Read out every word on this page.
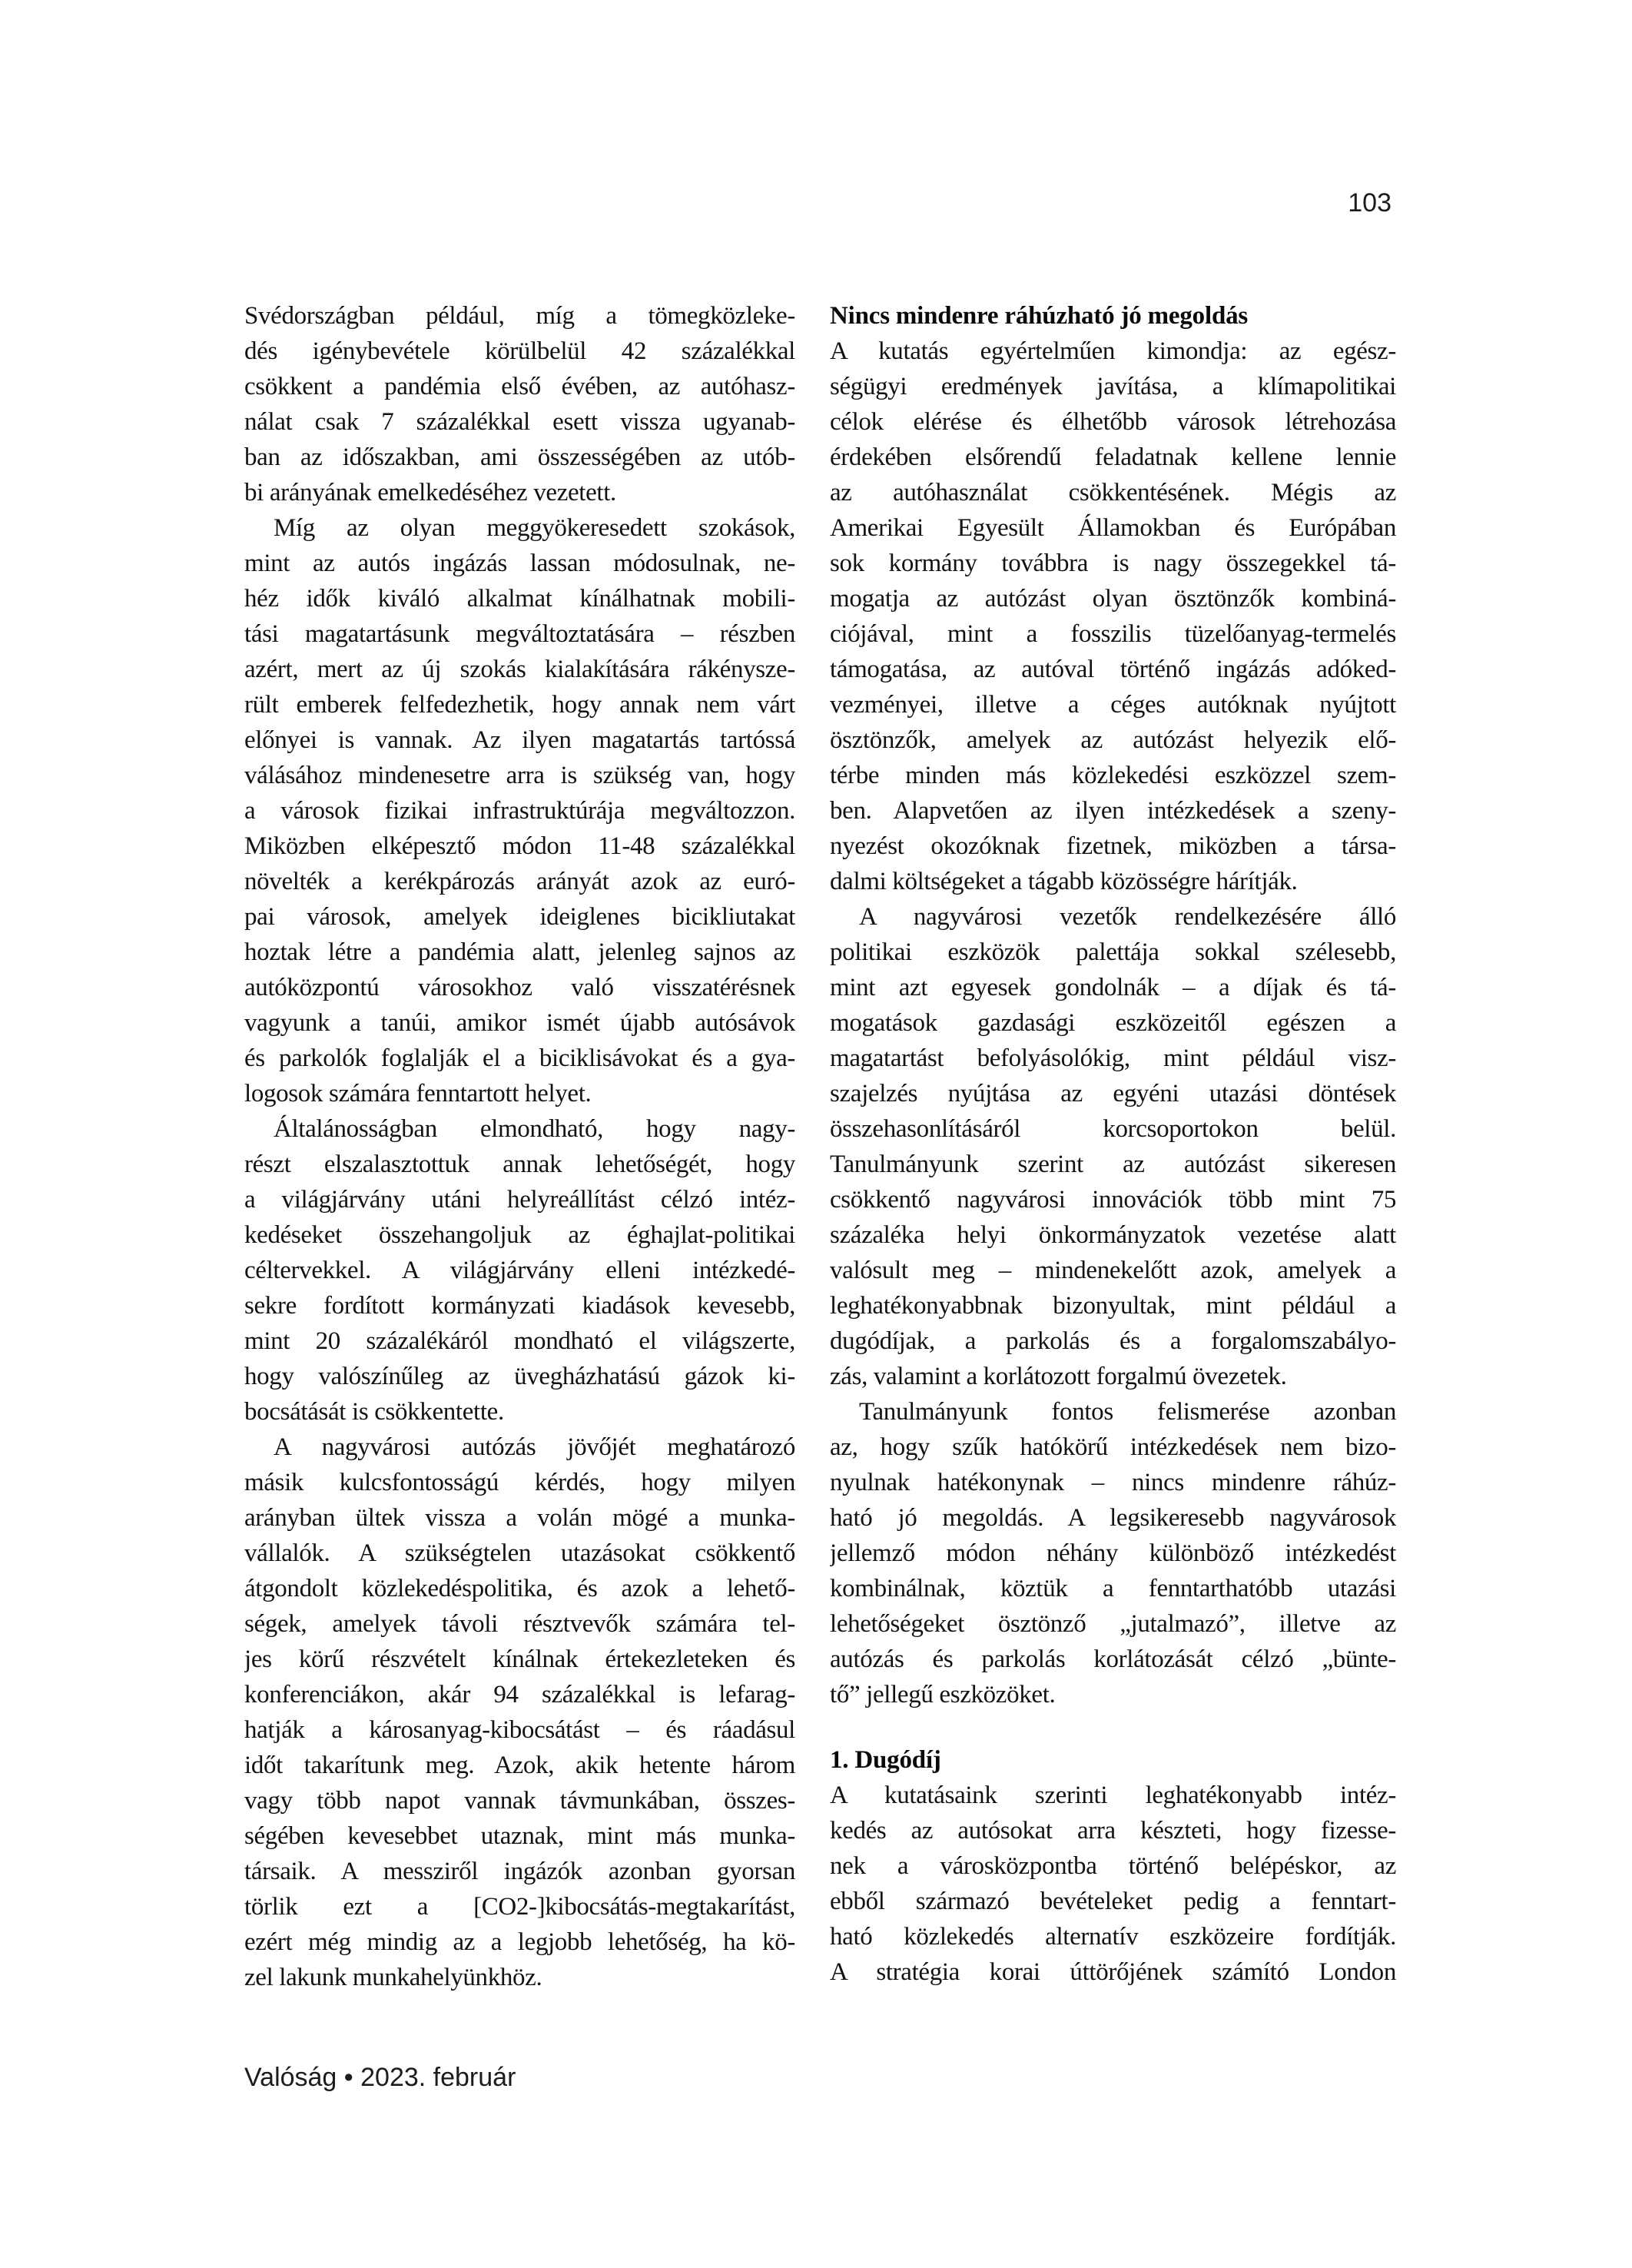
103
Svédországban például, míg a tömegközleke-
dés igénybevétele körülbelül 42 százalékkal
csökkent a pandémia első évében, az autóhasz-
nálat csak 7 százalékkal esett vissza ugyanab-
ban az időszakban, ami összességében az utób-
bi arányának emelkedéséhez vezetett.
Míg az olyan meggyökeresedett szokások,
mint az autós ingázás lassan módosulnak, ne-
héz idők kiváló alkalmat kínálhatnak mobili-
tási magatartásunk megváltoztatására – részben
azért, mert az új szokás kialakítására rákénysze-
rült emberek felfedezhetik, hogy annak nem várt
előnyei is vannak. Az ilyen magatartás tartóssá
válásához mindenesetre arra is szükség van, hogy
a városok fizikai infrastruktúrája megváltozzon.
Miközben elképesztő módon 11-48 százalékkal
növelték a kerékpározás arányát azok az euró-
pai városok, amelyek ideiglenes bicikliutakat
hoztak létre a pandémia alatt, jelenleg sajnos az
autóközpontú városokhoz való visszatérésnek
vagyunk a tanúi, amikor ismét újabb autósávok
és parkolók foglalják el a biciklisávokat és a gya-
logosok számára fenntartott helyet.
Általánosságban elmondható, hogy nagy-
részt elszalasztottuk annak lehetőségét, hogy
a világjárvány utáni helyreállítást célzó intéz-
kedéseket összehangoljuk az éghajlat-politikai
céltervekkel. A világjárvány elleni intézkedé-
sekre fordított kormányzati kiadások kevesebb,
mint 20 százalékáról mondható el világszerte,
hogy valószínűleg az üvegházhatású gázok ki-
bocsátását is csökkentette.
A nagyvárosi autózás jövőjét meghatározó
másik kulcsfontosságú kérdés, hogy milyen
arányban ültek vissza a volán mögé a munka-
vállalók. A szükségtelen utazásokat csökkentő
átgondolt közlekedéspolitika, és azok a lehető-
ségek, amelyek távoli résztvevők számára tel-
jes körű részvételt kínálnak értekezleteken és
konferenciákon, akár 94 százalékkal is lefarag-
hatják a károsanyag-kibocsátást – és ráadásul
időt takarítunk meg. Azok, akik hetente három
vagy több napot vannak távmunkában, összes-
ségében kevesebbet utaznak, mint más munka-
társaik. A messziről ingázók azonban gyorsan
törlik ezt a [CO2-]kibocsátás-megtakarítást,
ezért még mindig az a legjobb lehetőség, ha kö-
zel lakunk munkahelyünkhöz.
Nincs mindenre ráhúzható jó megoldás
A kutatás egyértelműen kimondja: az egész-
ségügyi eredmények javítása, a klímapolitikai
célok elérése és élhetőbb városok létrehozása
érdekében elsőrendű feladatnak kellene lennie
az autóhasználat csökkentésének. Mégis az
Amerikai Egyesült Államokban és Európában
sok kormány továbbra is nagy összegekkel tá-
mogatja az autózást olyan ösztönzők kombiná-
ciójával, mint a fosszilis tüzelőanyag-termelés
támogatása, az autóval történő ingázás adóked-
vezményei, illetve a céges autóknak nyújtott
ösztönzők, amelyek az autózást helyezik elő-
térbe minden más közlekedési eszközzel szem-
ben. Alapvetően az ilyen intézkedések a szeny-
nyezést okozóknak fizetnek, miközben a társa-
dalmi költségeket a tágabb közösségre hárítják.
A nagyvárosi vezetők rendelkezésére álló
politikai eszközök palettája sokkal szélesebb,
mint azt egyesek gondolnák – a díjak és tá-
mogatások gazdasági eszközeitől egészen a
magatartást befolyásolókig, mint például visz-
szajelzés nyújtása az egyéni utazási döntések
összehasonlításáról korcsoportokon belül.
Tanulmányunk szerint az autózást sikeresen
csökkentő nagyvárosi innovációk több mint 75
százaléka helyi önkormányzatok vezetése alatt
valósult meg – mindenekelőtt azok, amelyek a
leghatékonyabbnak bizonyultak, mint például a
dugódíjak, a parkolás és a forgalomszabályo-
zás, valamint a korlátozott forgalmú övezetek.
Tanulmányunk fontos felismerése azonban
az, hogy szűk hatókörű intézkedések nem bizo-
nyulnak hatékonynak – nincs mindenre ráhúz-
ható jó megoldás. A legsikeresebb nagyvárosok
jellemző módon néhány különböző intézkedést
kombinálnak, köztük a fenntarthatóbb utazási
lehetőségeket ösztönző „jutalmazó”, illetve az
autózás és parkolás korlátozását célzó „bünte-
tő” jellegű eszközöket.
1. Dugódíj
A kutatásaink szerinti leghatékonyabb intéz-
kedés az autósokat arra készteti, hogy fizesse-
nek a városközpontba történő belépéskor, az
ebből származó bevételeket pedig a fenntart-
ható közlekedés alternatív eszközeire fordítják.
A stratégia korai úttörőjének számító London
Valóság • 2023. február
